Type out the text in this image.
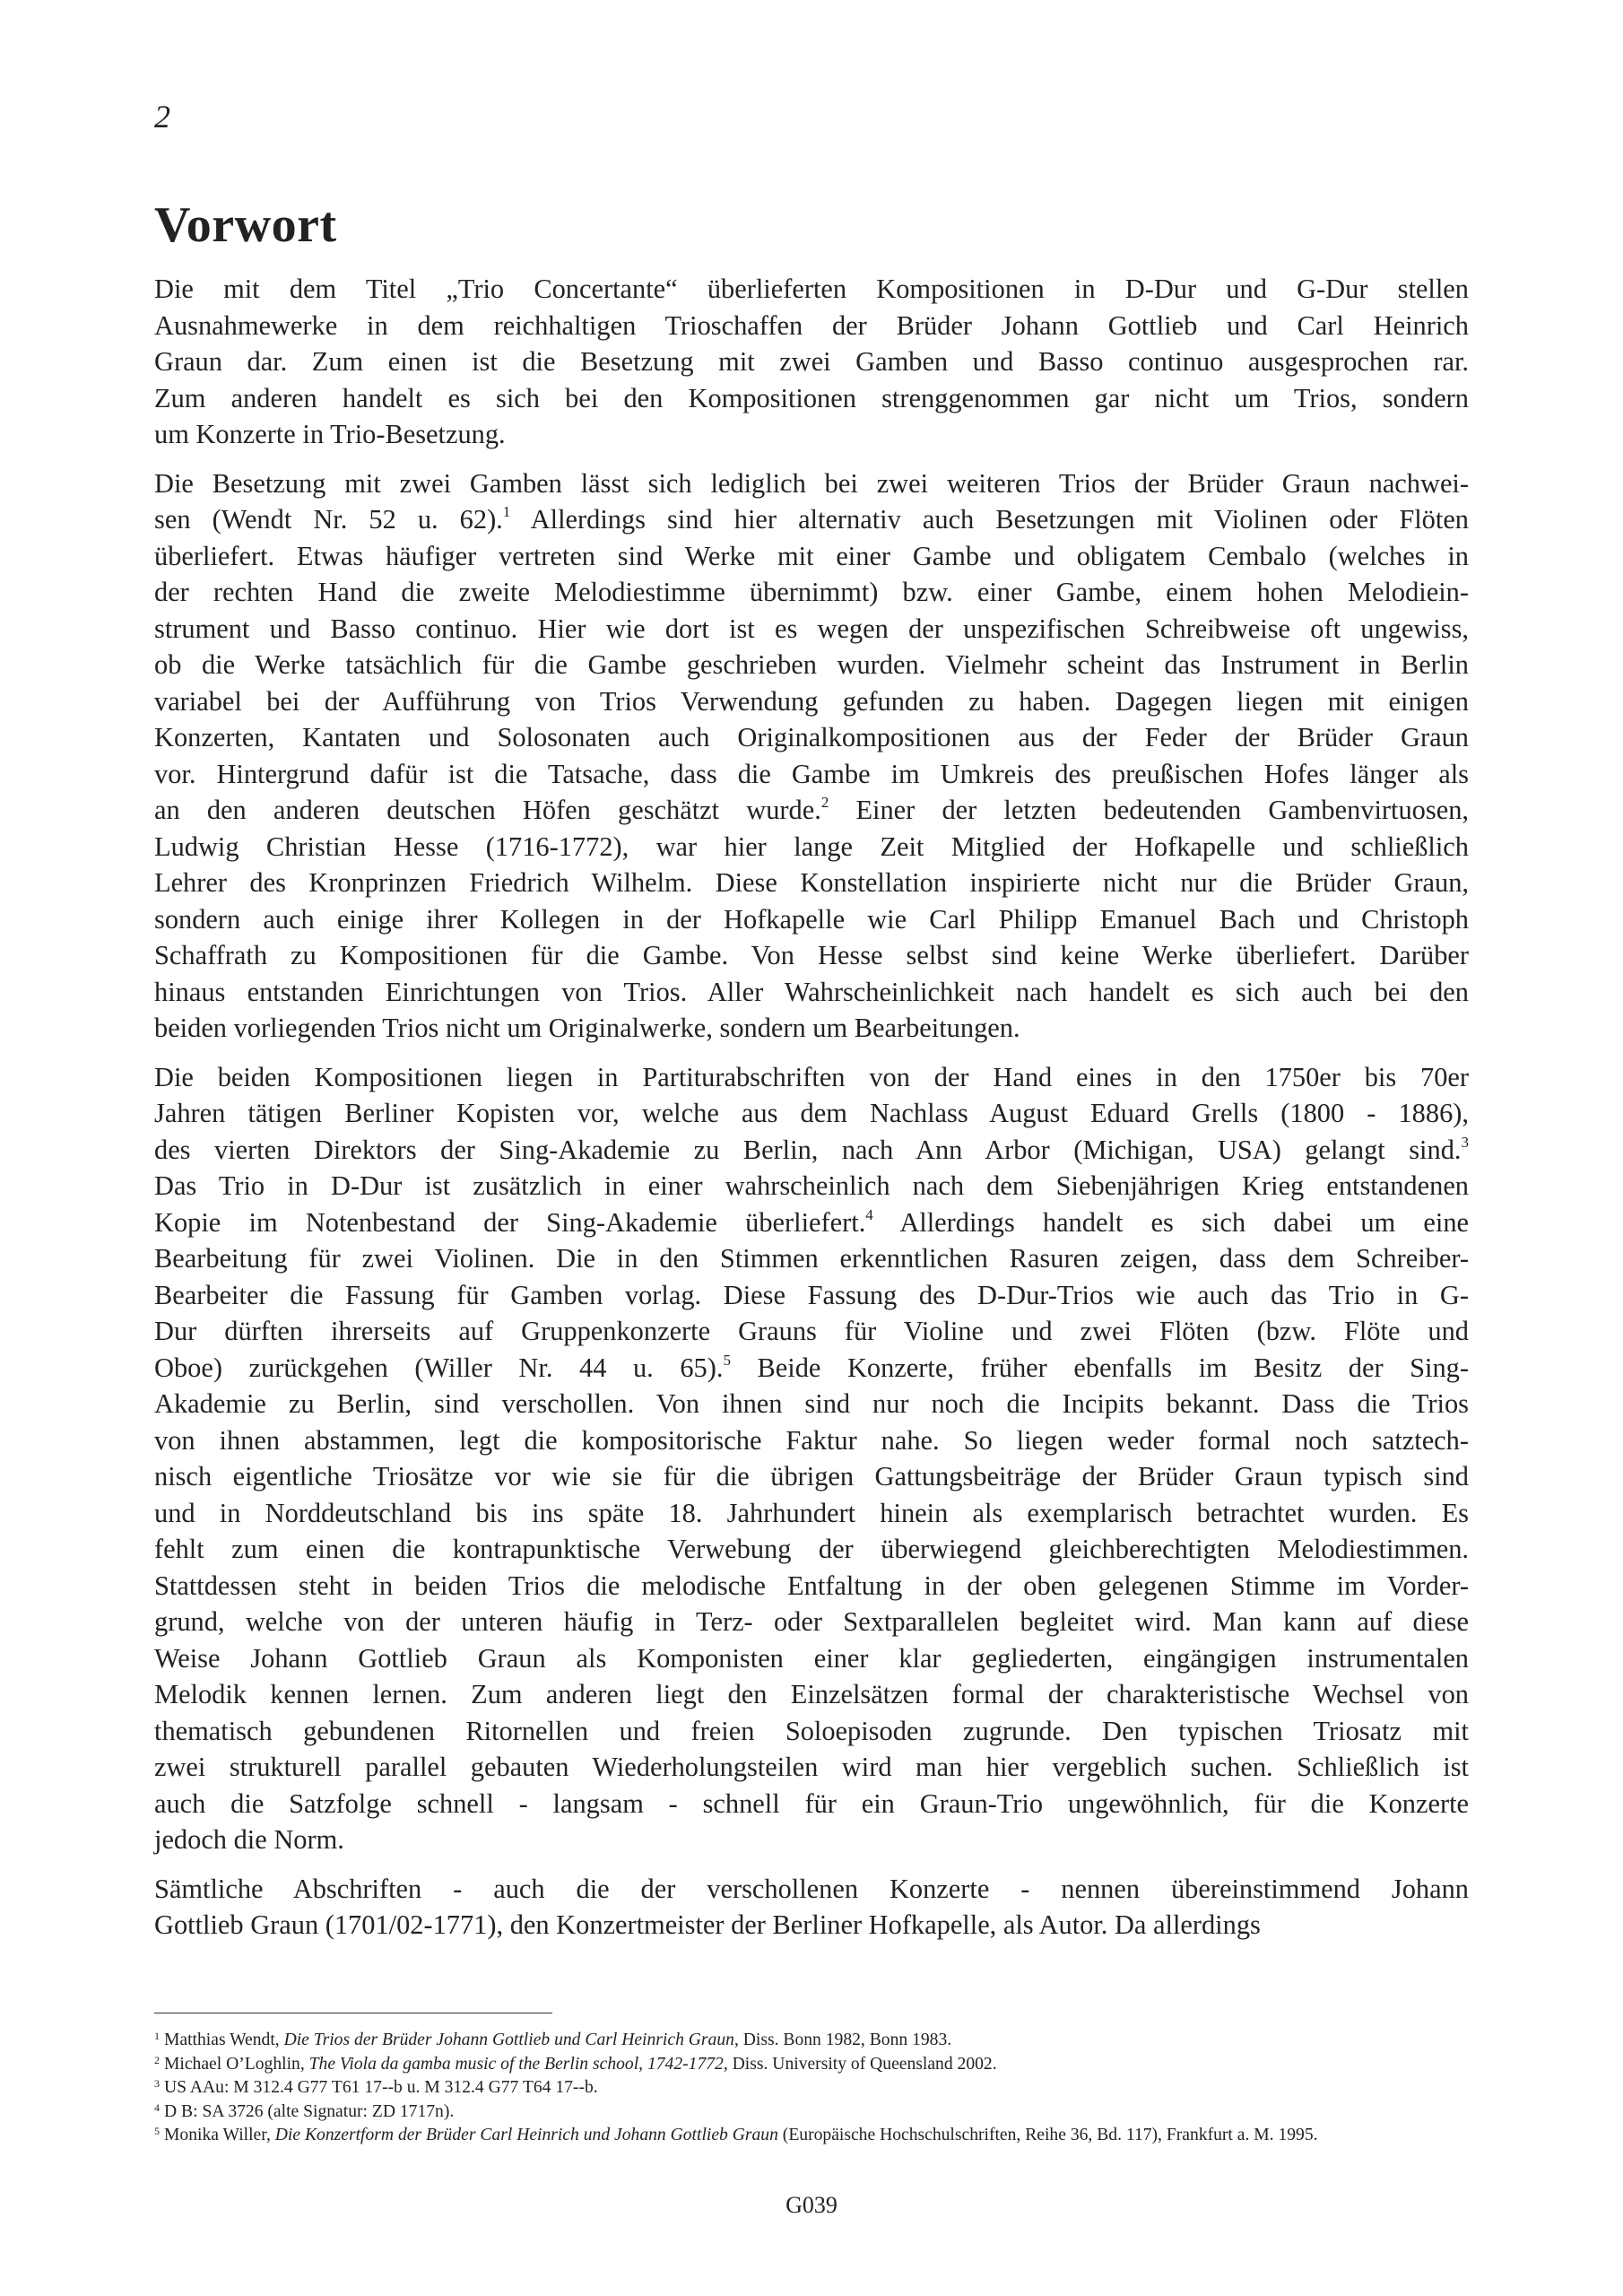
2
Vorwort
Die mit dem Titel „Trio Concertante“ überlieferten Kompositionen in D-Dur und G-Dur stellen
Ausnahmewerke in dem reichhaltigen Trioschaffen der Brüder Johann Gottlieb und Carl Heinrich
Graun dar. Zum einen ist die Besetzung mit zwei Gamben und Basso continuo ausgesprochen rar.
Zum anderen handelt es sich bei den Kompositionen strenggenommen gar nicht um Trios, sondern
um Konzerte in Trio-Besetzung.
Die Besetzung mit zwei Gamben lässt sich lediglich bei zwei weiteren Trios der Brüder Graun nachwei-
sen (Wendt Nr. 52 u. 62).$^1$ Allerdings sind hier alternativ auch Besetzungen mit Violinen oder Flöten
überliefert. Etwas häufiger vertreten sind Werke mit einer Gambe und obligatem Cembalo (welches in
der rechten Hand die zweite Melodiestimme übernimmt) bzw. einer Gambe, einem hohen Melodiein-
strument und Basso continuo. Hier wie dort ist es wegen der unspezifischen Schreibweise oft ungewiss,
ob die Werke tatsächlich für die Gambe geschrieben wurden. Vielmehr scheint das Instrument in Berlin
variabel bei der Aufführung von Trios Verwendung gefunden zu haben. Dagegen liegen mit einigen
Konzerten, Kantaten und Solosonaten auch Originalkompositionen aus der Feder der Brüder Graun
vor. Hintergrund dafür ist die Tatsache, dass die Gambe im Umkreis des preußischen Hofes länger als
an den anderen deutschen Höfen geschätzt wurde.$^2$ Einer der letzten bedeutenden Gambenvirtuosen,
Ludwig Christian Hesse (1716-1772), war hier lange Zeit Mitglied der Hofkapelle und schließlich
Lehrer des Kronprinzen Friedrich Wilhelm. Diese Konstellation inspirierte nicht nur die Brüder Graun,
sondern auch einige ihrer Kollegen in der Hofkapelle wie Carl Philipp Emanuel Bach und Christoph
Schaffrath zu Kompositionen für die Gambe. Von Hesse selbst sind keine Werke überliefert. Darüber
hinaus entstanden Einrichtungen von Trios. Aller Wahrscheinlichkeit nach handelt es sich auch bei den
beiden vorliegenden Trios nicht um Originalwerke, sondern um Bearbeitungen.
Die beiden Kompositionen liegen in Partiturabschriften von der Hand eines in den 1750er bis 70er
Jahren tätigen Berliner Kopisten vor, welche aus dem Nachlass August Eduard Grells (1800 - 1886),
des vierten Direktors der Sing-Akademie zu Berlin, nach Ann Arbor (Michigan, USA) gelangt sind.$^3$
Das Trio in D-Dur ist zusätzlich in einer wahrscheinlich nach dem Siebenjährigen Krieg entstandenen
Kopie im Notenbestand der Sing-Akademie überliefert.$^4$ Allerdings handelt es sich dabei um eine
Bearbeitung für zwei Violinen. Die in den Stimmen erkenntlichen Rasuren zeigen, dass dem Schreiber-
Bearbeiter die Fassung für Gamben vorlag. Diese Fassung des D-Dur-Trios wie auch das Trio in G-
Dur dürften ihrerseits auf Gruppenkonzerte Grauns für Violine und zwei Flöten (bzw. Flöte und
Oboe) zurückgehen (Willer Nr. 44 u. 65).$^5$ Beide Konzerte, früher ebenfalls im Besitz der Sing-
Akademie zu Berlin, sind verschollen. Von ihnen sind nur noch die Incipits bekannt. Dass die Trios
von ihnen abstammen, legt die kompositorische Faktur nahe. So liegen weder formal noch satztech-
nisch eigentliche Triosätze vor wie sie für die übrigen Gattungsbeiträge der Brüder Graun typisch sind
und in Norddeutschland bis ins späte 18. Jahrhundert hinein als exemplarisch betrachtet wurden. Es
fehlt zum einen die kontrapunktische Verwebung der überwiegend gleichberechtigten Melodiestimmen.
Stattdessen steht in beiden Trios die melodische Entfaltung in der oben gelegenen Stimme im Vorder-
grund, welche von der unteren häufig in Terz- oder Sextparallelen begleitet wird. Man kann auf diese
Weise Johann Gottlieb Graun als Komponisten einer klar gegliederten, eingängigen instrumentalen
Melodik kennen lernen. Zum anderen liegt den Einzelsätzen formal der charakteristische Wechsel von
thematisch gebundenen Ritornellen und freien Soloepisoden zugrunde. Den typischen Triosatz mit
zwei strukturell parallel gebauten Wiederholungsteilen wird man hier vergeblich suchen. Schließlich ist
auch die Satzfolge schnell - langsam - schnell für ein Graun-Trio ungewöhnlich, für die Konzerte
jedoch die Norm.
Sämtliche Abschriften - auch die der verschollenen Konzerte - nennen übereinstimmend Johann
Gottlieb Graun (1701/02-1771), den Konzertmeister der Berliner Hofkapelle, als Autor. Da allerdings
$^1$ Matthias Wendt, Die Trios der Brüder Johann Gottlieb und Carl Heinrich Graun, Diss. Bonn 1982, Bonn 1983.
$^2$ Michael O’Loghlin, The Viola da gamba music of the Berlin school, 1742-1772, Diss. University of Queensland 2002.
$^3$ US AAu: M 312.4 G77 T61 17--b u. M 312.4 G77 T64 17--b.
$^4$ D B: SA 3726 (alte Signatur: ZD 1717n).
$^5$ Monika Willer, Die Konzertform der Brüder Carl Heinrich und Johann Gottlieb Graun (Europäische Hochschulschriften, Reihe 36, Bd. 117), Frankfurt a. M. 1995.
G039
